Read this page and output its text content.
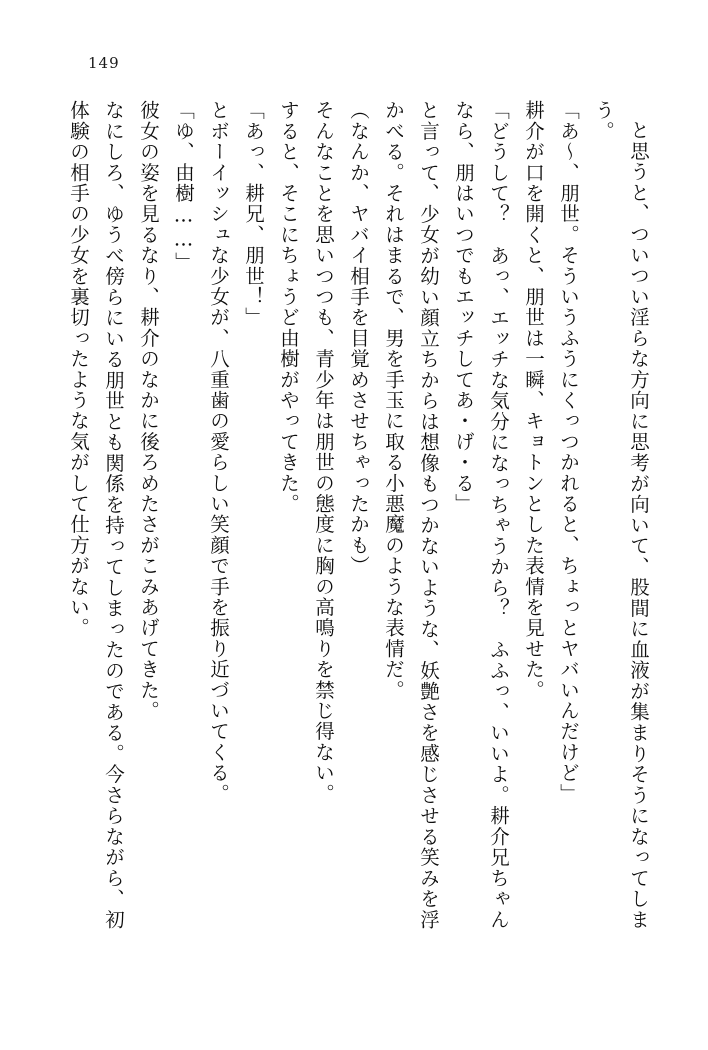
149

と思うと、ついつい淫らな方向に思考が向いて、股間に血液が集まりそうになってしまう。

「あ～、朋世。そういうふうにくっつかれると、ちょっとヤバいんだけど」

耕介が口を開くと、朋世は一瞬、キョトンとした表情を見せた。

「どうして？　あっ、エッチな気分になっちゃうから？　ふふっ、いいよ。耕介兄ちゃんなら、朋はいつでもエッチしてあ・げ・る」

と言って、少女が幼い顔立ちからは想像もつかないような、妖艶さを感じさせる笑みを浮かべる。それはまるで、男を手玉に取る小悪魔のような表情だ。

（なんか、ヤバイ相手を目覚めさせちゃったかも）

そんなことを思いつつも、青少年は朋世の態度に胸の高鳴りを禁じ得ない。

すると、そこにちょうど由樹がやってきた。

「あっ、耕兄、朋世！」

とボーイッシュな少女が、八重歯の愛らしい笑顔で手を振り近づいてくる。

「ゆ、由樹……」

彼女の姿を見るなり、耕介のなかに後ろめたさがこみあげてきた。

なにしろ、ゆうべ傍らにいる朋世とも関係を持ってしまったのである。今さらながら、初体験の相手の少女を裏切ったような気がして仕方がない。
